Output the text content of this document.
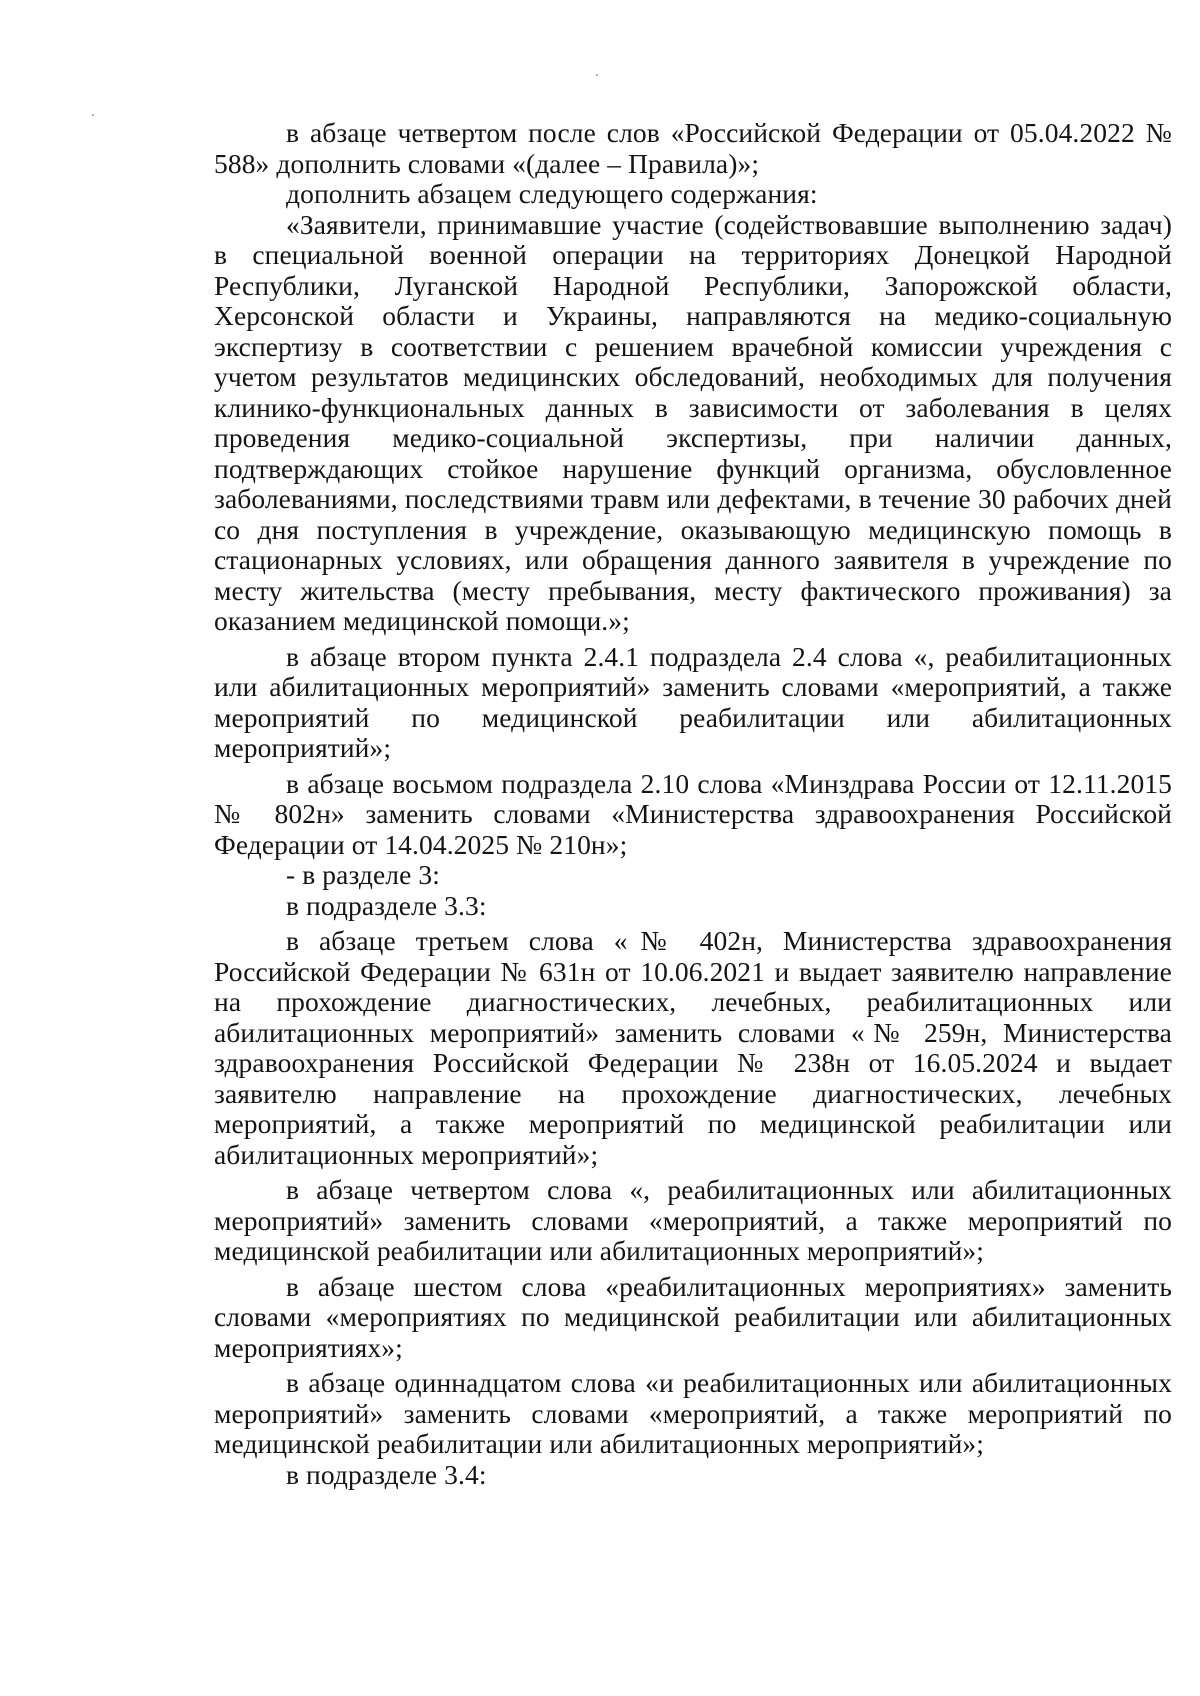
в абзаце четвертом после слов «Российской Федерации от 05.04.2022 № 588» дополнить словами «(далее – Правила)»;

дополнить абзацем следующего содержания:

«Заявители, принимавшие участие (содействовавшие выполнению задач) в специальной военной операции на территориях Донецкой Народной Республики, Луганской Народной Республики, Запорожской области, Херсонской области и Украины, направляются на медико-социальную экспертизу в соответствии с решением врачебной комиссии учреждения с учетом результатов медицинских обследований, необходимых для получения клинико-функциональных данных в зависимости от заболевания в целях проведения медико-социальной экспертизы, при наличии данных, подтверждающих стойкое нарушение функций организма, обусловленное заболеваниями, последствиями травм или дефектами, в течение 30 рабочих дней со дня поступления в учреждение, оказывающую медицинскую помощь в стационарных условиях, или обращения данного заявителя в учреждение по месту жительства (месту пребывания, месту фактического проживания) за оказанием медицинской помощи.»;

в абзаце втором пункта 2.4.1 подраздела 2.4 слова «, реабилитационных или абилитационных мероприятий» заменить словами «мероприятий, а также мероприятий по медицинской реабилитации или абилитационных мероприятий»;

в абзаце восьмом подраздела 2.10 слова «Минздрава России от 12.11.2015 № 802н» заменить словами «Министерства здравоохранения Российской Федерации от 14.04.2025 № 210н»;

- в разделе 3:

в подразделе 3.3:

в абзаце третьем слова «№ 402н, Министерства здравоохранения Российской Федерации № 631н от 10.06.2021 и выдает заявителю направление на прохождение диагностических, лечебных, реабилитационных или абилитационных мероприятий» заменить словами «№ 259н, Министерства здравоохранения Российской Федерации № 238н от 16.05.2024 и выдает заявителю направление на прохождение диагностических, лечебных мероприятий, а также мероприятий по медицинской реабилитации или абилитационных мероприятий»;

в абзаце четвертом слова «, реабилитационных или абилитационных мероприятий» заменить словами «мероприятий, а также мероприятий по медицинской реабилитации или абилитационных мероприятий»;

в абзаце шестом слова «реабилитационных мероприятиях» заменить словами «мероприятиях по медицинской реабилитации или абилитационных мероприятиях»;

в абзаце одиннадцатом слова «и реабилитационных или абилитационных мероприятий» заменить словами «мероприятий, а также мероприятий по медицинской реабилитации или абилитационных мероприятий»;

в подразделе 3.4:
